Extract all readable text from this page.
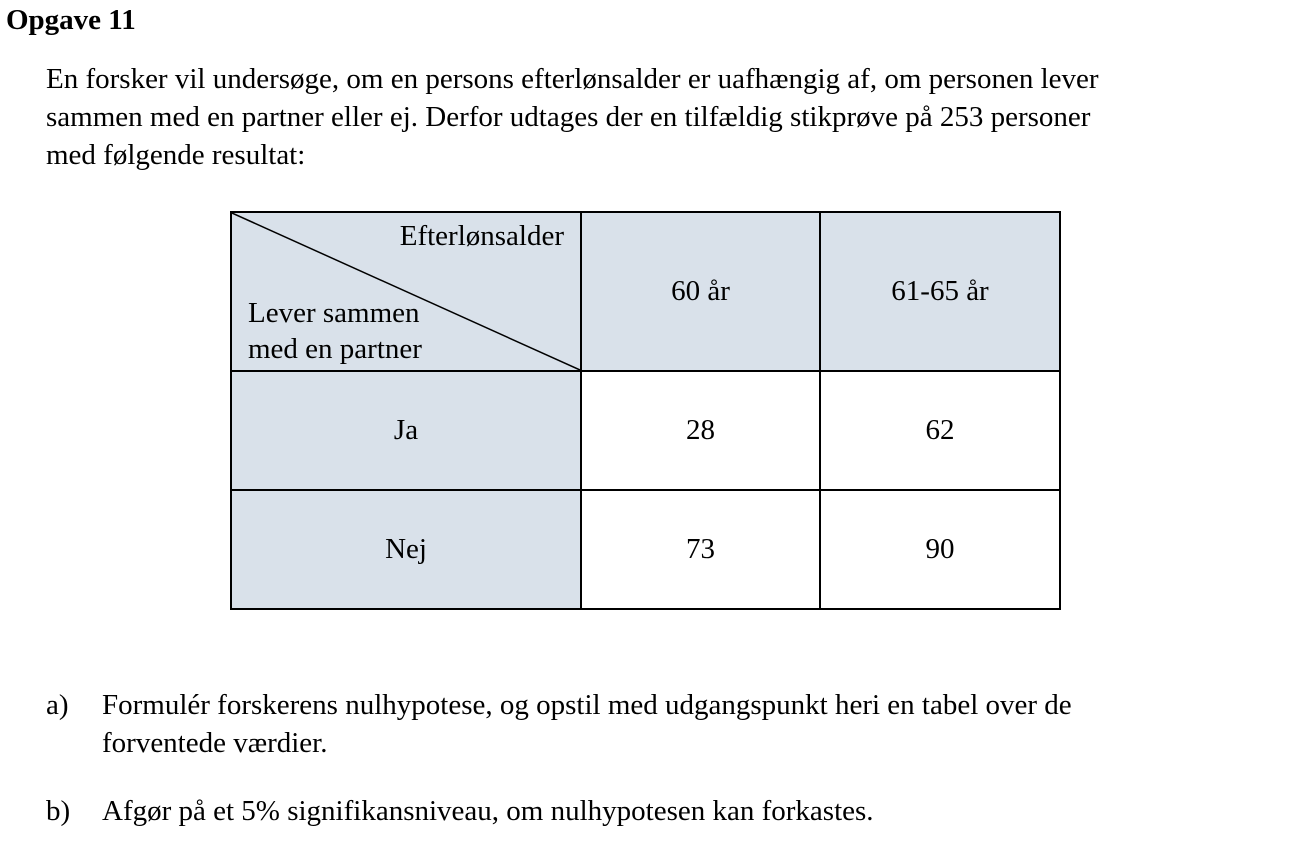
Opgave 11

En forsker vil undersøge, om en persons efterlønsalder er uafhængig af, om personen lever

sammen med en partner eller ej. Derfor udtages der en tilfældig stikprøve på 253 personer

med følgende resultat:

Efterlønsalder
Lever sammen
med en partner	60 år	61-65 år
Ja	28	62
Nej	73	90
a)	Formulér forskerens nulhypotese, og opstil med udgangspunkt heri en tabel over de
forventede værdier.
b)	Afgør på et 5% signifikansniveau, om nulhypotesen kan forkastes.
